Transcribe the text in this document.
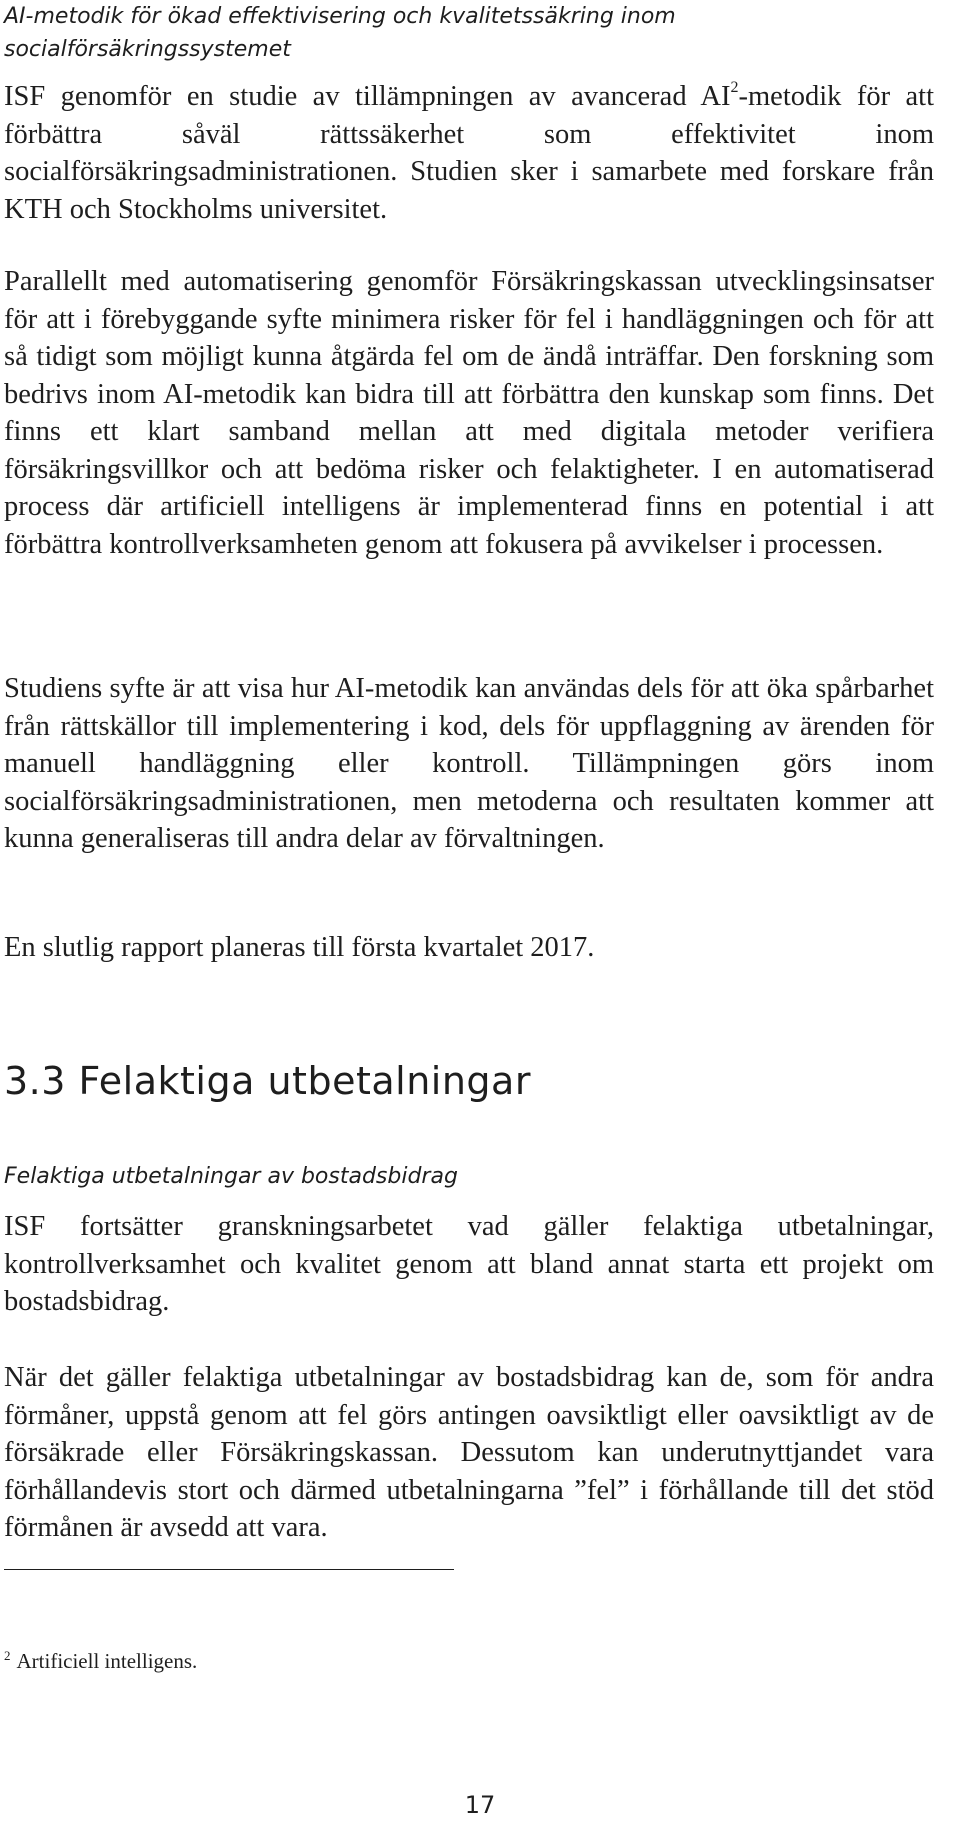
AI-metodik för ökad effektivisering och kvalitetssäkring inom
socialförsäkringssystemet

ISF genomför en studie av tillämpningen av avancerad AI$^2$-metodik för att förbättra såväl rättssäkerhet som effektivitet inom socialförsäkringsadministrationen. Studien sker i samarbete med forskare från KTH och Stockholms universitet.

Parallellt med automatisering genomför Försäkringskassan utvecklingsinsatser för att i förebyggande syfte minimera risker för fel i handläggningen och för att så tidigt som möjligt kunna åtgärda fel om de ändå inträffar. Den forskning som bedrivs inom AI-metodik kan bidra till att förbättra den kunskap som finns. Det finns ett klart samband mellan att med digitala metoder verifiera försäkringsvillkor och att bedöma risker och felaktigheter. I en automatiserad process där artificiell intelligens är implementerad finns en potential i att förbättra kontrollverksamheten genom att fokusera på avvikelser i processen.

Studiens syfte är att visa hur AI-metodik kan användas dels för att öka spårbarhet från rättskällor till implementering i kod, dels för uppflaggning av ärenden för manuell handläggning eller kontroll. Tillämpningen görs inom socialförsäkringsadministrationen, men metoderna och resultaten kommer att kunna generaliseras till andra delar av förvaltningen.

En slutlig rapport planeras till första kvartalet 2017.

3.3 Felaktiga utbetalningar
Felaktiga utbetalningar av bostadsbidrag

ISF fortsätter granskningsarbetet vad gäller felaktiga utbetalningar, kontrollverksamhet och kvalitet genom att bland annat starta ett projekt om bostadsbidrag.

När det gäller felaktiga utbetalningar av bostadsbidrag kan de, som för andra förmåner, uppstå genom att fel görs antingen oavsiktligt eller oavsiktligt av de försäkrade eller Försäkringskassan. Dessutom kan underutnyttjandet vara förhållandevis stort och därmed utbetalningarna ”fel” i förhållande till det stöd förmånen är avsedd att vara.

$^2$ Artificiell intelligens.

17
